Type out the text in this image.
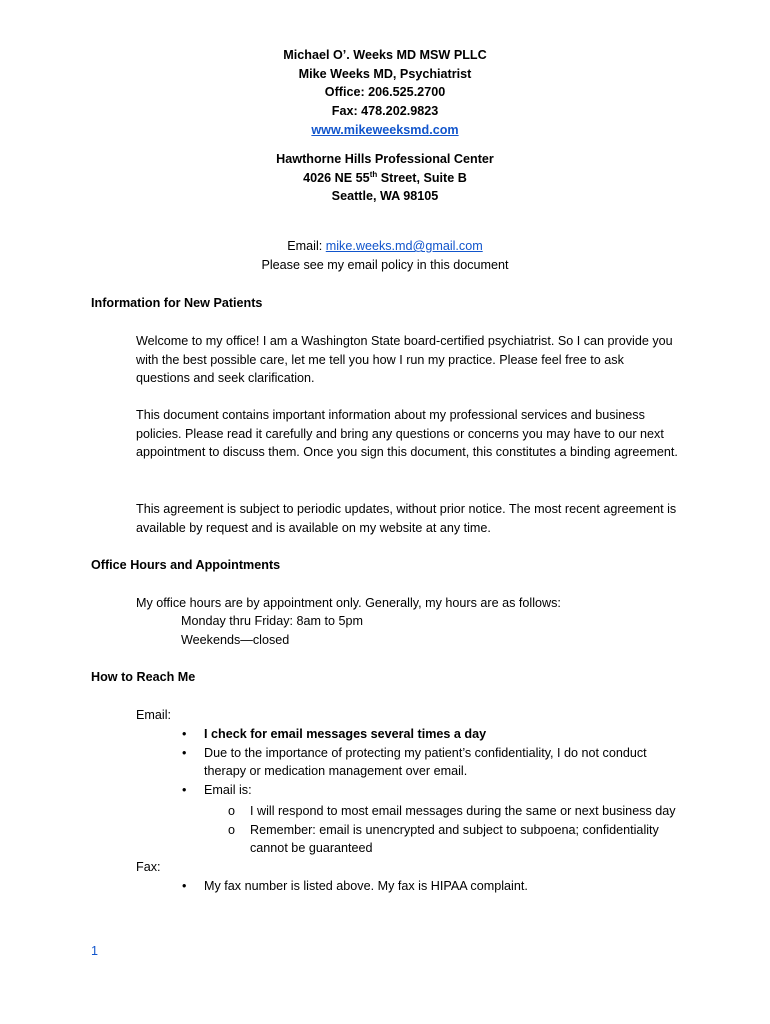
Michael O’. Weeks MD MSW PLLC
Mike Weeks MD, Psychiatrist
Office: 206.525.2700
Fax: 478.202.9823
www.mikeweeksmd.com
Hawthorne Hills Professional Center
4026 NE 55th Street, Suite B
Seattle, WA 98105
Email: mike.weeks.md@gmail.com
Please see my email policy in this document
Information for New Patients
Welcome to my office! I am a Washington State board-certified psychiatrist. So I can provide you with the best possible care, let me tell you how I run my practice. Please feel free to ask questions and seek clarification.
This document contains important information about my professional services and business policies. Please read it carefully and bring any questions or concerns you may have to our next appointment to discuss them. Once you sign this document, this constitutes a binding agreement.
This agreement is subject to periodic updates, without prior notice. The most recent agreement is available by request and is available on my website at any time.
Office Hours and Appointments
My office hours are by appointment only. Generally, my hours are as follows:
Monday thru Friday: 8am to 5pm
Weekends—closed
How to Reach Me
Email:
• I check for email messages several times a day
• Due to the importance of protecting my patient’s confidentiality, I do not conduct therapy or medication management over email.
• Email is:
o I will respond to most email messages during the same or next business day
o Remember: email is unencrypted and subject to subpoena; confidentiality cannot be guaranteed
Fax:
• My fax number is listed above. My fax is HIPAA complaint.
1
